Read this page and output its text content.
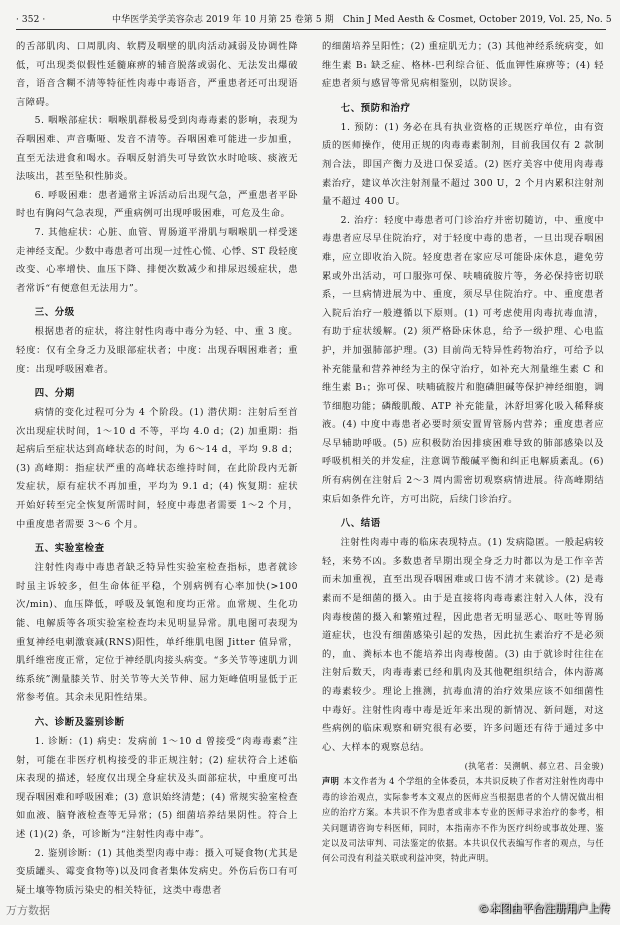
· 352 ·	中华医学美学美容杂志 2019 年 10 月第 25 卷第 5 期　Chin J Med Aesth & Cosmet, October 2019, Vol. 25, No. 5

的舌部肌肉、口周肌肉、软腭及咽壁的肌肉活动减弱及协调性降低，可出现类似假性延髓麻痹的辅音脱落或弱化、无法发出爆破音，语音含糊不清等特征性肉毒中毒语音，严重患者还可出现语言障碍。

5. 咽喉部症状：咽喉肌群极易受到肉毒毒素的影响，表现为吞咽困难、声音嘶哑、发音不清等。吞咽困难可能进一步加重，直至无法进食和喝水。吞咽反射消失可导致饮水时呛咳、痰液无法咳出，甚至坠积性肺炎。

6. 呼吸困难：患者通常主诉活动后出现气急，严重患者平卧时也有胸闷气急表现，严重病例可出现呼吸困难，可危及生命。

7. 其他症状：心脏、血管、胃肠道平滑肌与咽喉肌一样受迷走神经支配。少数中毒患者可出现一过性心慌、心悸、ST 段轻度改变、心率增快、血压下降、排便次数减少和排尿迟缓症状，患者常诉“有便意但无法用力”。

三、分级

根据患者的症状，将注射性肉毒中毒分为轻、中、重 3 度。轻度：仅有全身乏力及眼部症状者；中度：出现吞咽困难者；重度：出现呼吸困难者。

四、分期

病情的变化过程可分为 4 个阶段。(1) 潜伏期：注射后至首次出现症状时间，1～10 d 不等，平均 4.0 d；(2) 加重期：指起病后至症状达到高峰状态的时间，为 6～14 d，平均 9.8 d；(3) 高峰期：指症状严重的高峰状态维持时间，在此阶段内无新发症状，原有症状不再加重，平均为 9.1 d；(4) 恢复期：症状开始好转至完全恢复所需时间，轻度中毒患者需要 1～2 个月，中重度患者需要 3～6 个月。

五、实验室检查

注射性肉毒中毒患者缺乏特异性实验室检查指标，患者就诊时虽主诉较多，但生命体征平稳，个别病例有心率加快(>100 次/min)、血压降低，呼吸及氧饱和度均正常。血常规、生化功能、电解质等各项实验室检查均未见明显异常。肌电图可表现为重复神经电刺激衰减(RNS)阳性，单纤维肌电图 Jitter 值异常，肌纤维密度正常，定位于神经肌肉接头病变。“多关节等速肌力训练系统”测量膝关节、肘关节等大关节伸、屈力矩峰值明显低于正常参考值。其余未见阳性结果。

六、诊断及鉴别诊断

1. 诊断：(1) 病史：发病前 1～10 d 曾接受“肉毒毒素”注射，可能在非医疗机构接受的非正规注射；(2) 症状符合上述临床表现的描述，轻度仅出现全身症状及头面部症状，中重度可出现吞咽困难和呼吸困难；(3) 意识始终清楚；(4) 常规实验室检查如血液、脑脊液检查等无异常；(5) 细菌培养结果阴性。符合上述 (1)(2) 条，可诊断为“注射性肉毒中毒”。

2. 鉴别诊断：(1) 其他类型肉毒中毒：摄入可疑食物(尤其是变质罐头、霉变食物等)以及同食者集体发病史。外伤后伤口有可疑土壤等物质污染史的相关特征，这类中毒患者

的细菌培养呈阳性；(2) 重症肌无力；(3) 其他神经系统病变，如维生素 B₁ 缺乏症、格林-巴利综合征、低血钾性麻痹等；(4) 轻症患者须与感冒等常见病相鉴别，以防误诊。

七、预防和治疗

1. 预防：(1) 务必在具有执业资格的正规医疗单位，由有资质的医师操作，使用正规的肉毒毒素制剂，目前我国仅有 2 款制剂合法，即国产衡力及进口保妥适。(2) 医疗美容中使用肉毒毒素治疗，建议单次注射剂量不超过 300 U，2 个月内累积注射剂量不超过 400 U。

2. 治疗：轻度中毒患者可门诊治疗并密切随访，中、重度中毒患者应尽早住院治疗，对于轻度中毒的患者，一旦出现吞咽困难，应立即收治入院。轻度患者在家应尽可能卧床休息，避免劳累或外出活动，可口服弥可保、呋喃硫胺片等，务必保持密切联系，一旦病情进展为中、重度，须尽早住院治疗。中、重度患者入院后治疗一般遵循以下原则。(1) 可考虑使用肉毒抗毒血清，有助于症状缓解。(2) 须严格卧床休息，给予一级护理、心电监护，并加强肺部护理。(3) 目前尚无特异性药物治疗，可给予以补充能量和营养神经为主的保守治疗，如补充大剂量维生素 C 和维生素 B₁；弥可保、呋喃硫胺片和胞磷胆碱等保护神经细胞，调节细胞功能；磷酸肌酸、ATP 补充能量，沐舒坦雾化吸入稀释痰液。(4) 中度中毒患者必要时须安置胃管肠内营养；重度患者应尽早辅助呼吸。(5) 应积极防治因排痰困难导致的肺部感染以及呼吸机相关的并发症，注意调节酸碱平衡和纠正电解质紊乱。(6) 所有病例在注射后 2～3 周内需密切观察病情进展。待高峰期结束后如条件允许，方可出院，后续门诊治疗。

八、结语

注射性肉毒中毒的临床表现特点。(1) 发病隐匿。一般起病较轻，来势不凶。多数患者早期出现全身乏力时都以为是工作辛苦而未加重视，直至出现吞咽困难或口齿不清才来就诊。(2) 是毒素而不是细菌的摄入。由于是直接将肉毒毒素注射入人体，没有肉毒梭菌的摄入和繁殖过程，因此患者无明显恶心、呕吐等胃肠道症状，也没有细菌感染引起的发热，因此抗生素治疗不是必须的，血、粪标本也不能培养出肉毒梭菌。(3) 由于就诊时往往在注射后数天，肉毒毒素已经和肌肉及其他靶组织结合，体内游离的毒素较少。理论上推测，抗毒血清的治疗效果应该不如细菌性中毒好。注射性肉毒中毒是近年来出现的新情况、新问题，对这些病例的临床观察和研究很有必要，许多问题还有待于通过多中心、大样本的观察总结。

(执笔者：吴溯帆、郝立君、吕金骏)

声明 本文作者为 4 个学组的全体委员，本共识反映了作者对注射性肉毒中毒的诊治观点，实际参考本文观点的医师应当根据患者的个人情况做出相应的治疗方案。本共识不作为患者或非本专业的医师寻求治疗的参考，相关问题请咨询专科医师，同时，本指南亦不作为医疗纠纷或事故处理、鉴定以及司法审判、司法鉴定的依据。本共识仅代表编写作者的观点，与任何公司没有利益关联或利益冲突，特此声明。

万方数据	©本图由平台注册用户上传
